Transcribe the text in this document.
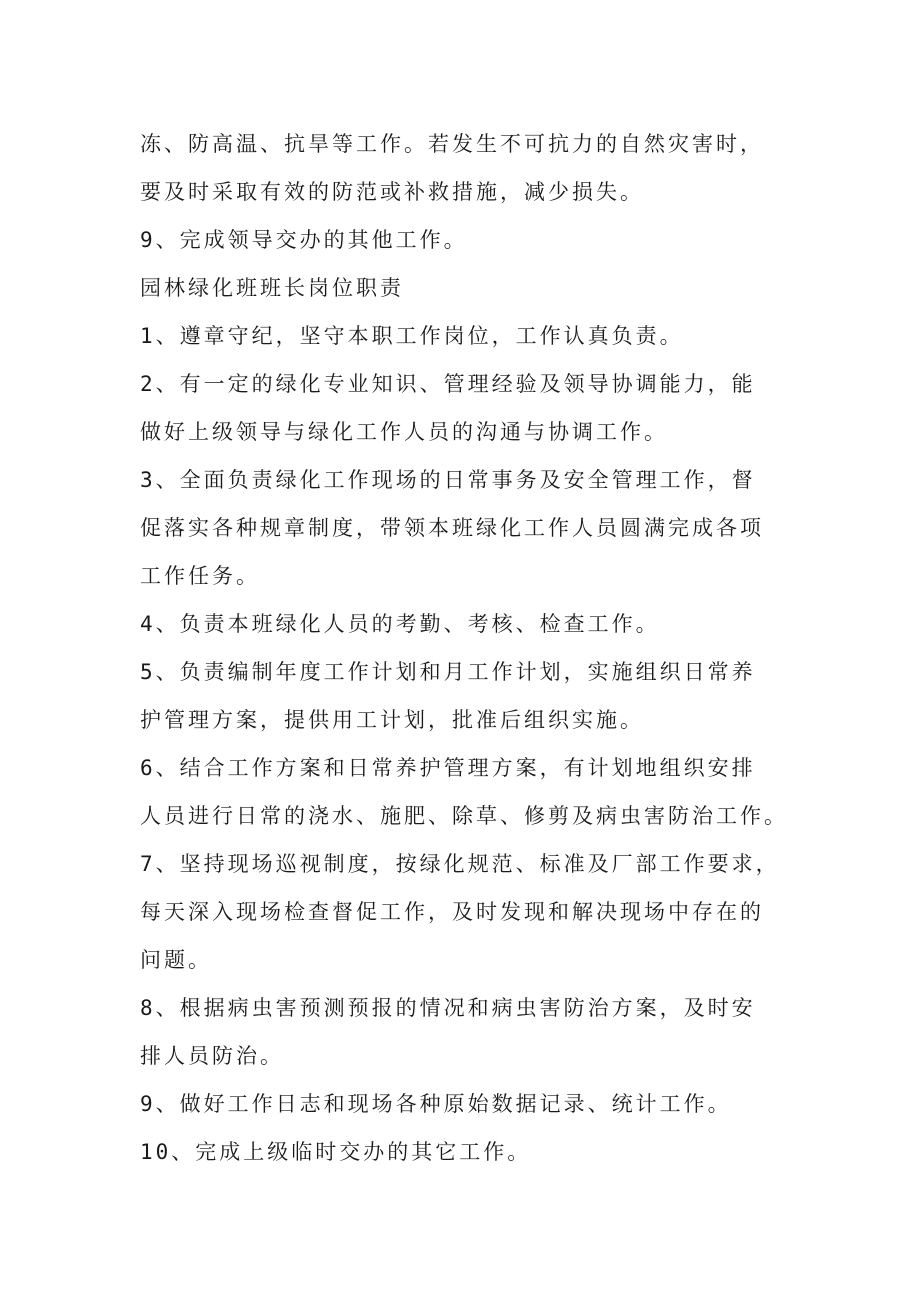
冻、防高温、抗旱等工作。若发生不可抗力的自然灾害时，
要及时采取有效的防范或补救措施，减少损失。
9、完成领导交办的其他工作。
园林绿化班班长岗位职责
1、遵章守纪，坚守本职工作岗位，工作认真负责。
2、有一定的绿化专业知识、管理经验及领导协调能力，能
做好上级领导与绿化工作人员的沟通与协调工作。
3、全面负责绿化工作现场的日常事务及安全管理工作，督
促落实各种规章制度，带领本班绿化工作人员圆满完成各项
工作任务。
4、负责本班绿化人员的考勤、考核、检查工作。
5、负责编制年度工作计划和月工作计划，实施组织日常养
护管理方案，提供用工计划，批准后组织实施。
6、结合工作方案和日常养护管理方案，有计划地组织安排
人员进行日常的浇水、施肥、除草、修剪及病虫害防治工作。
7、坚持现场巡视制度，按绿化规范、标准及厂部工作要求，
每天深入现场检查督促工作，及时发现和解决现场中存在的
问题。
8、根据病虫害预测预报的情况和病虫害防治方案，及时安
排人员防治。
9、做好工作日志和现场各种原始数据记录、统计工作。
10、完成上级临时交办的其它工作。
